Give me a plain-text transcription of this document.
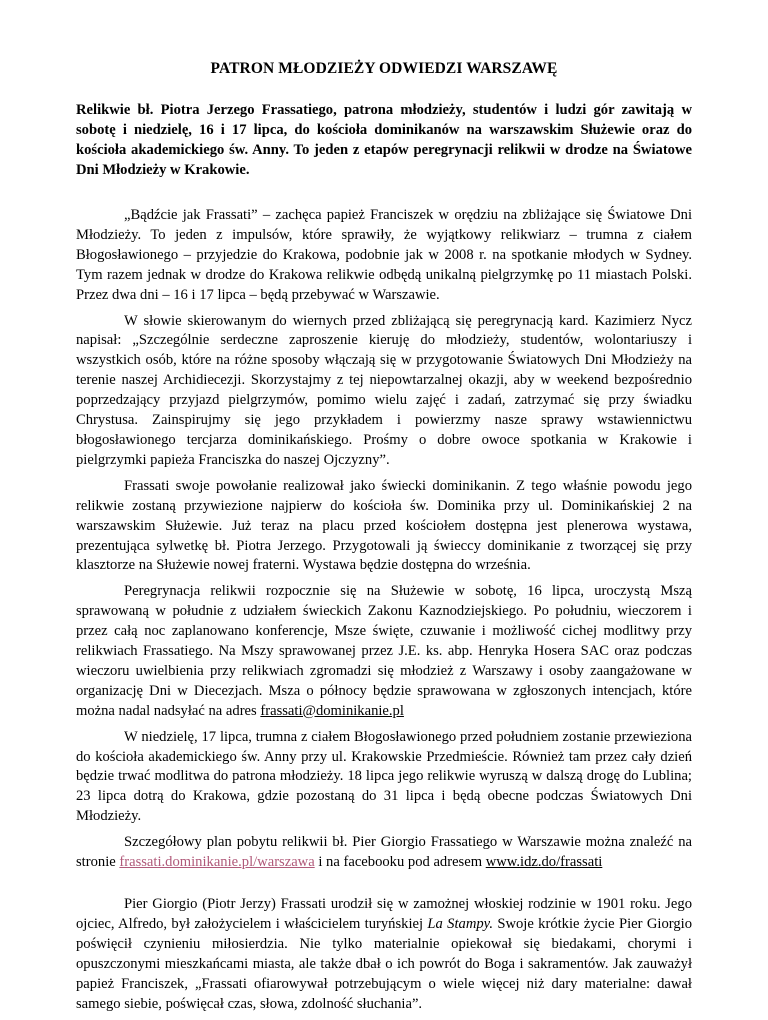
PATRON MŁODZIEŻY ODWIEDZI WARSZAWĘ
Relikwie bł. Piotra Jerzego Frassatiego, patrona młodzieży, studentów i ludzi gór zawitają w sobotę i niedzielę, 16 i 17 lipca, do kościoła dominikanów na warszawskim Służewie oraz do kościoła akademickiego św. Anny. To jeden z etapów peregrynacji relikwii w drodze na Światowe Dni Młodzieży w Krakowie.

„Bądźcie jak Frassati” – zachęca papież Franciszek w orędziu na zbliżające się Światowe Dni Młodzieży. To jeden z impulsów, które sprawiły, że wyjątkowy relikwiarz – trumna z ciałem Błogosławionego – przyjedzie do Krakowa, podobnie jak w 2008 r. na spotkanie młodych w Sydney. Tym razem jednak w drodze do Krakowa relikwie odbędą unikalną pielgrzymkę po 11 miastach Polski. Przez dwa dni – 16 i 17 lipca – będą przebywać w Warszawie.

W słowie skierowanym do wiernych przed zbliżającą się peregrynacją kard. Kazimierz Nycz napisał: „Szczególnie serdeczne zaproszenie kieruję do młodzieży, studentów, wolontariuszy i wszystkich osób, które na różne sposoby włączają się w przygotowanie Światowych Dni Młodzieży na terenie naszej Archidiecezji. Skorzystajmy z tej niepowtarzalnej okazji, aby w weekend bezpośrednio poprzedzający przyjazd pielgrzymów, pomimo wielu zajęć i zadań, zatrzymać się przy świadku Chrystusa. Zainspirujmy się jego przykładem i powierzmy nasze sprawy wstawiennictwu błogosławionego tercjarza dominikańskiego. Prośmy o dobre owoce spotkania w Krakowie i pielgrzymki papieża Franciszka do naszej Ojczyzny”.

Frassati swoje powołanie realizował jako świecki dominikanin. Z tego właśnie powodu jego relikwie zostaną przywiezione najpierw do kościoła św. Dominika przy ul. Dominikańskiej 2 na warszawskim Służewie. Już teraz na placu przed kościołem dostępna jest plenerowa wystawa, prezentująca sylwetkę bł. Piotra Jerzego. Przygotowali ją świeccy dominikanie z tworzącej się przy klasztorze na Służewie nowej fraterni. Wystawa będzie dostępna do września.

Peregrynacja relikwii rozpocznie się na Służewie w sobotę, 16 lipca, uroczystą Mszą sprawowaną w południe z udziałem świeckich Zakonu Kaznodziejskiego. Po południu, wieczorem i przez całą noc zaplanowano konferencje, Msze święte, czuwanie i możliwość cichej modlitwy przy relikwiach Frassatiego. Na Mszy sprawowanej przez J.E. ks. abp. Henryka Hosera SAC oraz podczas wieczoru uwielbienia przy relikwiach zgromadzi się młodzież z Warszawy i osoby zaangażowane w organizację Dni w Diecezjach. Msza o północy będzie sprawowana w zgłoszonych intencjach, które można nadal nadsyłać na adres frassati@dominikanie.pl

W niedzielę, 17 lipca, trumna z ciałem Błogosławionego przed południem zostanie przewieziona do kościoła akademickiego św. Anny przy ul. Krakowskie Przedmieście. Również tam przez cały dzień będzie trwać modlitwa do patrona młodzieży. 18 lipca jego relikwie wyruszą w dalszą drogę do Lublina; 23 lipca dotrą do Krakowa, gdzie pozostaną do 31 lipca i będą obecne podczas Światowych Dni Młodzieży.

Szczegółowy plan pobytu relikwii bł. Pier Giorgio Frassatiego w Warszawie można znaleźć na stronie frassati.dominikanie.pl/warszawa i na facebooku pod adresem www.idz.do/frassati

Pier Giorgio (Piotr Jerzy) Frassati urodził się w zamożnej włoskiej rodzinie w 1901 roku. Jego ojciec, Alfredo, był założycielem i właścicielem turyńskiej La Stampy. Swoje krótkie życie Pier Giorgio poświęcił czynieniu miłosierdzia. Nie tylko materialnie opiekował się biedakami, chorymi i opuszczonymi mieszkańcami miasta, ale także dbał o ich powrót do Boga i sakramentów. Jak zauważył papież Franciszek, „Frassati ofiarowywał potrzebującym o wiele więcej niż dary materialne: dawał samego siebie, poświęcał czas, słowa, zdolność słuchania”.
